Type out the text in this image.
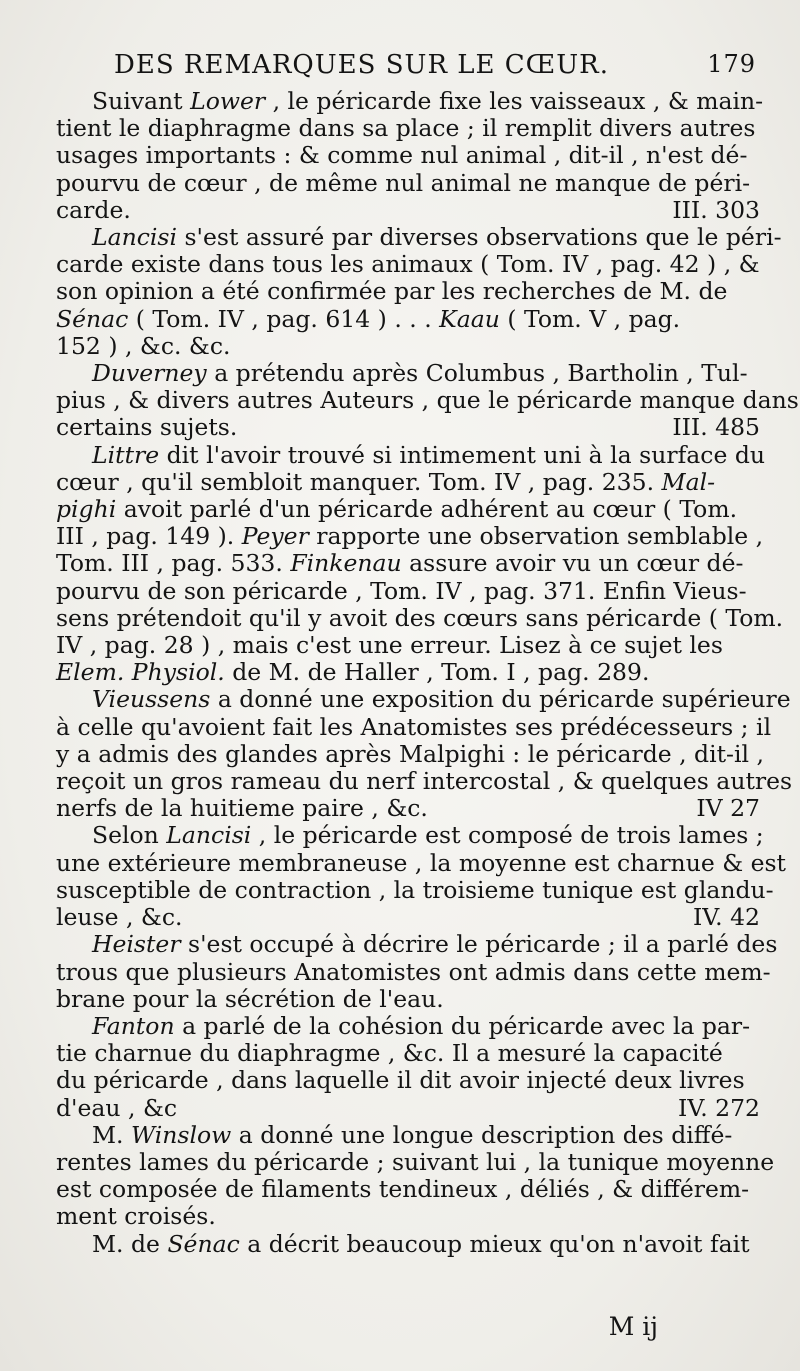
DES REMARQUES SUR LE CŒUR.	179

Suivant Lower , le péricarde fixe les vaisseaux , & main-
tient le diaphragme dans sa place ; il remplit divers autres
usages importants : & comme nul animal , dit-il , n'est dé-
pourvu de cœur , de même nul animal ne manque de péri-
carde.	III. 303

Lancisi s'est assuré par diverses observations que le péri-
carde existe dans tous les animaux ( Tom. IV , pag. 42 ) , &
son opinion a été confirmée par les recherches de M. de
Sénac ( Tom. IV , pag. 614 ) . . . Kaau ( Tom. V , pag.
152 ) , &c. &c.

Duverney a prétendu après Columbus , Bartholin , Tul-
pius , & divers autres Auteurs , que le péricarde manque dans
certains sujets.	III. 485

Littre dit l'avoir trouvé si intimement uni à la surface du
cœur , qu'il sembloit manquer. Tom. IV , pag. 235. Mal-
pighi avoit parlé d'un péricarde adhérent au cœur ( Tom.
III , pag. 149 ). Peyer rapporte une observation semblable ,
Tom. III , pag. 533. Finkenau assure avoir vu un cœur dé-
pourvu de son péricarde , Tom. IV , pag. 371. Enfin Vieus-
sens prétendoit qu'il y avoit des cœurs sans péricarde ( Tom.
IV , pag. 28 ) , mais c'est une erreur. Lisez à ce sujet les
Elem. Physiol. de M. de Haller , Tom. I , pag. 289.

Vieussens a donné une exposition du péricarde supérieure
à celle qu'avoient fait les Anatomistes ses prédécesseurs ; il
y a admis des glandes après Malpighi : le péricarde , dit-il ,
reçoit un gros rameau du nerf intercostal , & quelques autres
nerfs de la huitieme paire , &c.	IV 27

Selon Lancisi , le péricarde est composé de trois lames ;
une extérieure membraneuse , la moyenne est charnue & est
susceptible de contraction , la troisieme tunique est glandu-
leuse , &c.	IV. 42

Heister s'est occupé à décrire le péricarde ; il a parlé des
trous que plusieurs Anatomistes ont admis dans cette mem-
brane pour la sécrétion de l'eau.

Fanton a parlé de la cohésion du péricarde avec la par-
tie charnue du diaphragme , &c. Il a mesuré la capacité
du péricarde , dans laquelle il dit avoir injecté deux livres
d'eau , &c	IV. 272

M. Winslow a donné une longue description des diffé-
rentes lames du péricarde ; suivant lui , la tunique moyenne
est composée de filaments tendineux , déliés , & différem-
ment croisés.

M. de Sénac a décrit beaucoup mieux qu'on n'avoit fait

M ij
